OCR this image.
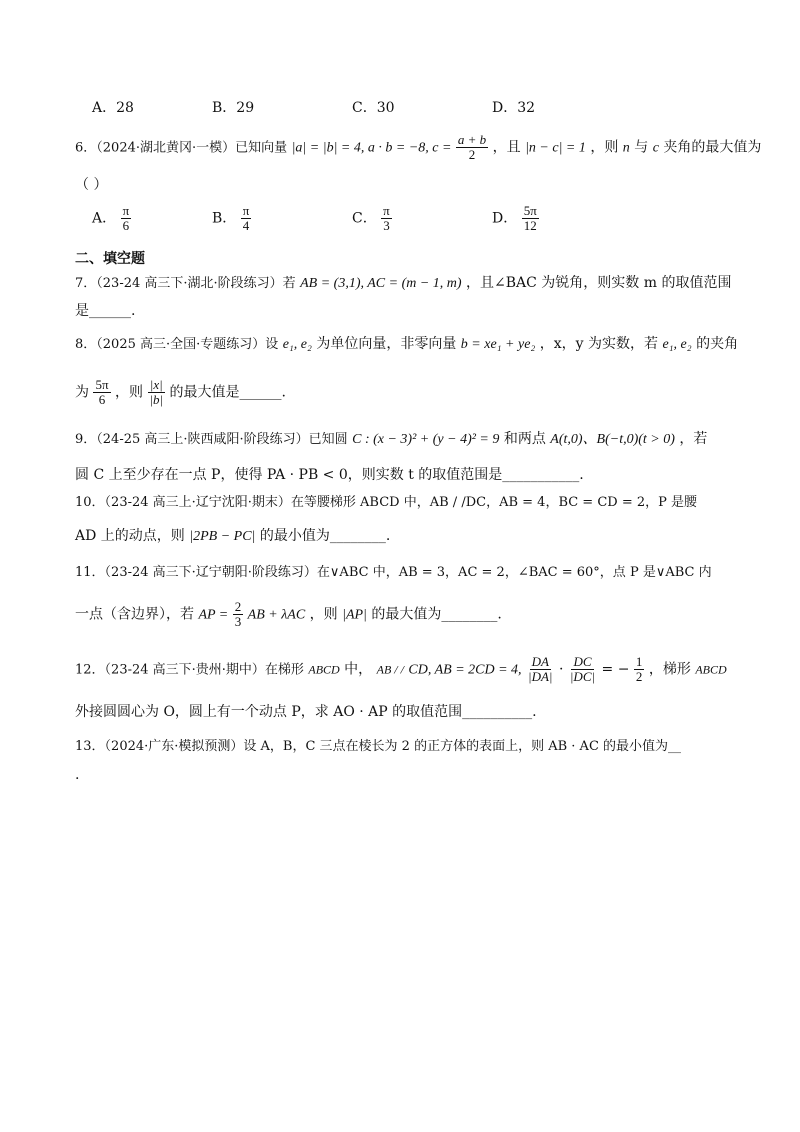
A．28	B．29	C．30	D．32
6．（2024·湖北黄冈·一模）已知向量 |a| = |b| = 4, a · b = −8, $c = \frac{a + b}{2}$ ，且 |n − c| = 1 ，则 n 与 c 夹角的最大值为
（ ）
A． $\frac{\pi}{6}$	B． $\frac{\pi}{4}$	C． $\frac{\pi}{3}$	D． $\frac{5\pi}{12}$
二、填空题
7．（23-24 高三下·湖北·阶段练习）若 AB = (3,1), AC = (m − 1, m) ，且∠BAC 为锐角，则实数 m 的取值范围
是______.
8．（2025 高三·全国·专题练习）设 e₁, e₂ 为单位向量，非零向量 b = xe₁ + ye₂ ，x，y 为实数，若 e₁, e₂ 的夹角
为 $\frac{5\pi}{6}$ ，则 $\frac{|x|}{|b|}$ 的最大值是______.
9．（24-25 高三上·陕西咸阳·阶段练习）已知圆 C : (x − 3)² + (y − 4)² = 9 和两点 A(t,0)、B(−t,0)(t > 0) ，若
圆 C 上至少存在一点 P，使得 PA · PB < 0，则实数 t 的取值范围是___________.
10．（23-24 高三上·辽宁沈阳·期末）在等腰梯形 ABCD 中，AB / /DC，AB = 4，BC = CD = 2，P 是腰
AD 上的动点，则 |2PB − PC| 的最小值为________.
11．（23-24 高三下·辽宁朝阳·阶段练习）在∨ABC 中，AB = 3，AC = 2，∠BAC = 60°，点 P 是∨ABC 内
一点（含边界），若 AP = $\frac{2}{3}$ AB + λAC ，则 |AP| 的最大值为________.
12．（23-24 高三下·贵州·期中）在梯形 ABCD 中， AB / / CD, AB = 2CD = 4, $\frac{DA}{|DA|} \cdot \frac{DC}{|DC|}$ = − $\frac{1}{2}$ ，梯形 ABCD
外接圆圆心为 O，圆上有一个动点 P，求 AO · AP 的取值范围__________.
13．（2024·广东·模拟预测）设 A，B，C 三点在棱长为 2 的正方体的表面上，则 AB · AC 的最小值为__
.
